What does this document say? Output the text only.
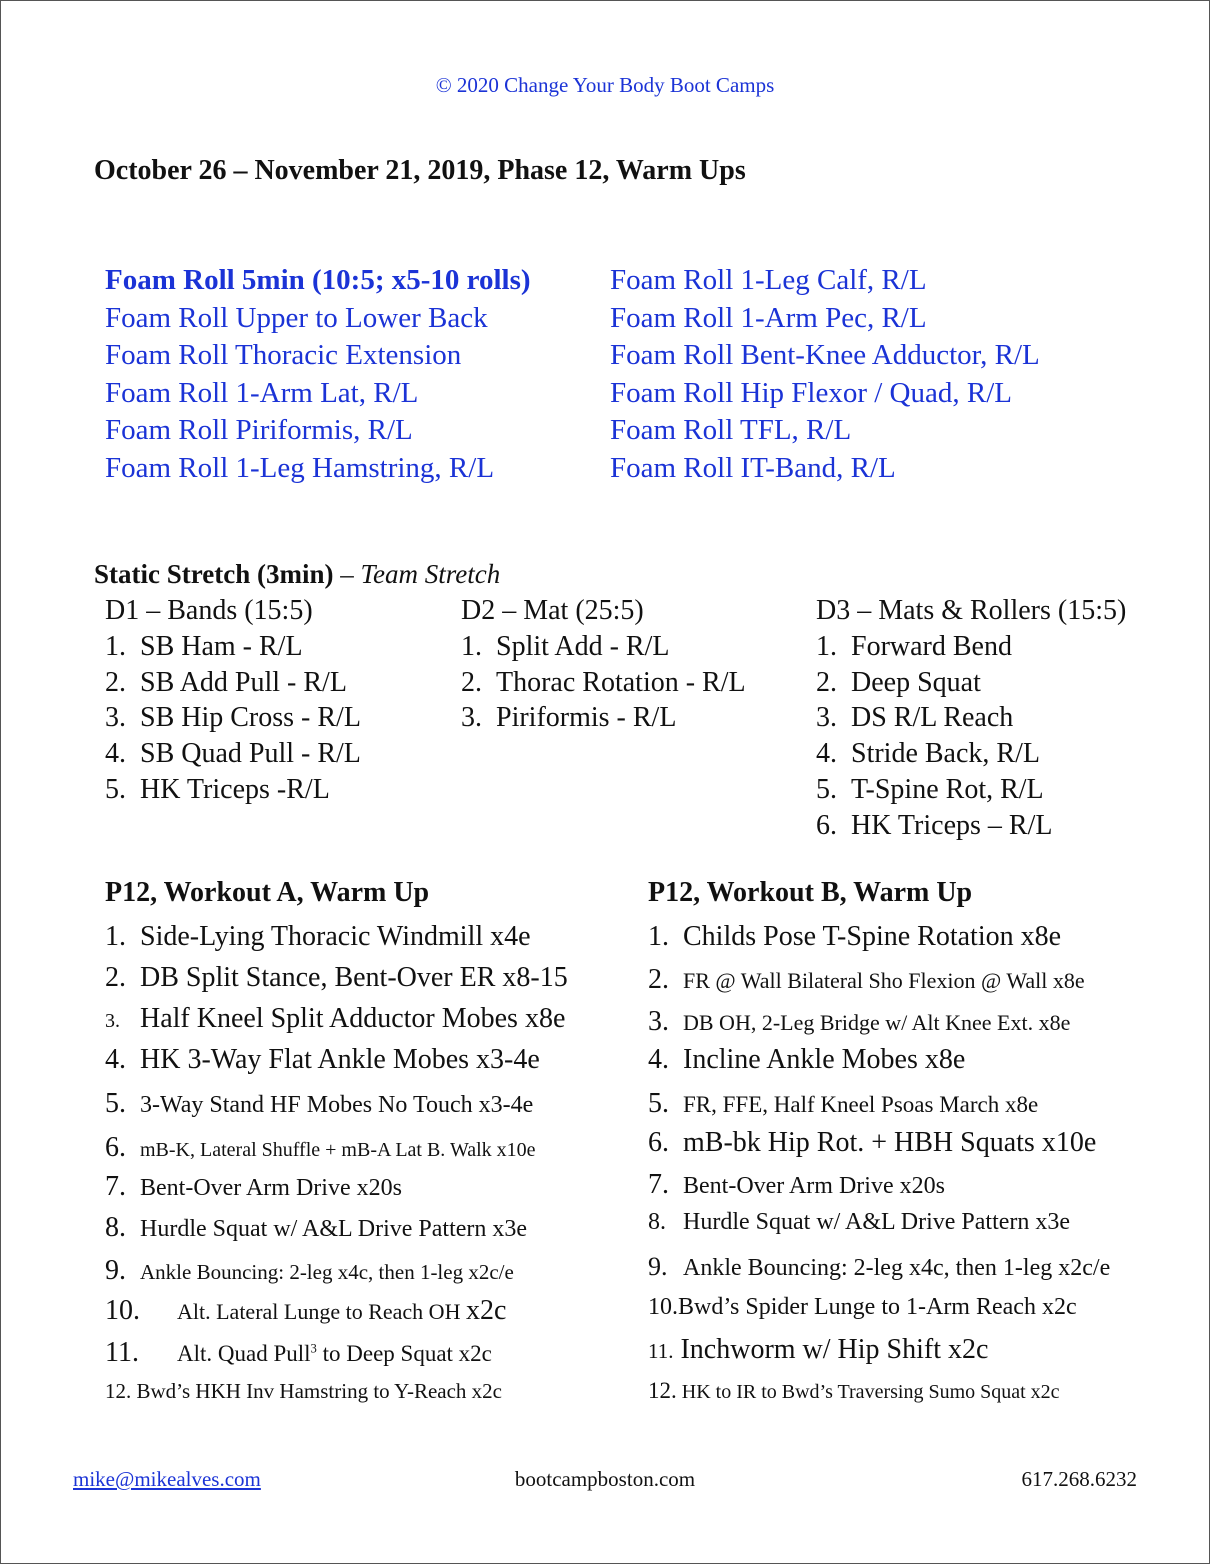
© 2020 Change Your Body Boot Camps
October 26 – November 21, 2019, Phase 12, Warm Ups
Foam Roll 5min (10:5; x5-10 rolls)
Foam Roll Upper to Lower Back
Foam Roll Thoracic Extension
Foam Roll 1-Arm Lat, R/L
Foam Roll Piriformis, R/L
Foam Roll 1-Leg Hamstring, R/L
Foam Roll 1-Leg Calf, R/L
Foam Roll 1-Arm Pec, R/L
Foam Roll Bent-Knee Adductor, R/L
Foam Roll Hip Flexor / Quad, R/L
Foam Roll TFL, R/L
Foam Roll IT-Band, R/L
Static Stretch (3min) – Team Stretch
D1 – Bands (15:5)
1. SB Ham - R/L
2. SB Add Pull - R/L
3. SB Hip Cross - R/L
4. SB Quad Pull - R/L
5. HK Triceps -R/L
D2 – Mat (25:5)
1. Split Add - R/L
2. Thorac Rotation - R/L
3. Piriformis - R/L
D3 – Mats & Rollers (15:5)
1. Forward Bend
2. Deep Squat
3. DS R/L Reach
4. Stride Back, R/L
5. T-Spine Rot, R/L
6. HK Triceps – R/L
P12, Workout A, Warm Up
1. Side-Lying Thoracic Windmill x4e
2. DB Split Stance, Bent-Over ER x8-15
3. Half Kneel Split Adductor Mobes x8e
4. HK 3-Way Flat Ankle Mobes x3-4e
5. 3-Way Stand HF Mobes No Touch x3-4e
6. mB-K, Lateral Shuffle + mB-A Lat B. Walk x10e
7. Bent-Over Arm Drive x20s
8. Hurdle Squat w/ A&L Drive Pattern x3e
9. Ankle Bouncing: 2-leg x4c, then 1-leg x2c/e
10. Alt. Lateral Lunge to Reach OH x2c
11. Alt. Quad Pull$^3$ to Deep Squat x2c
12. Bwd’s HKH Inv Hamstring to Y-Reach x2c
P12, Workout B, Warm Up
1. Childs Pose T-Spine Rotation x8e
2. FR @ Wall Bilateral Sho Flexion @ Wall x8e
3. DB OH, 2-Leg Bridge w/ Alt Knee Ext. x8e
4. Incline Ankle Mobes x8e
5. FR, FFE, Half Kneel Psoas March x8e
6. mB-bk Hip Rot. + HBH Squats x10e
7. Bent-Over Arm Drive x20s
8. Hurdle Squat w/ A&L Drive Pattern x3e
9. Ankle Bouncing: 2-leg x4c, then 1-leg x2c/e
10.Bwd’s Spider Lunge to 1-Arm Reach x2c
11. Inchworm w/ Hip Shift x2c
12. HK to IR to Bwd’s Traversing Sumo Squat x2c
mike@mikealves.com	bootcampboston.com	617.268.6232
